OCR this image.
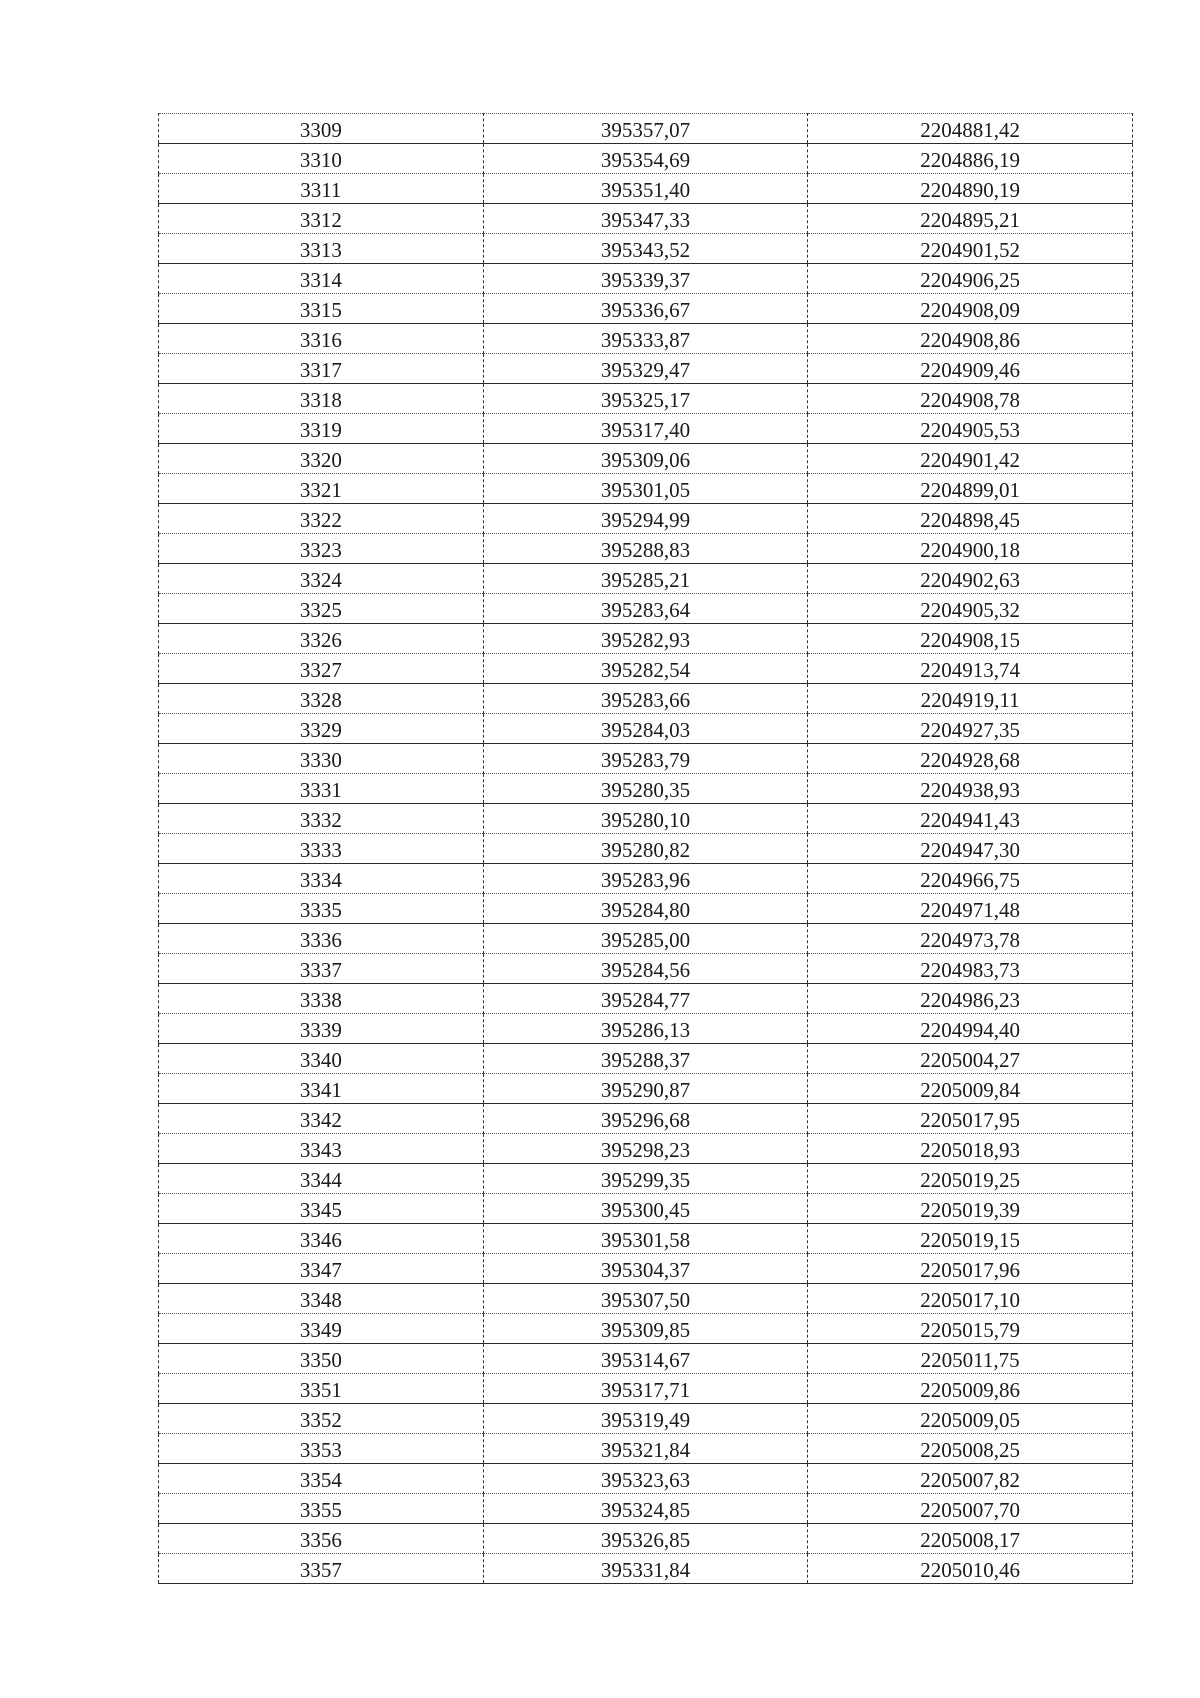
3309	395357,07	2204881,42
3310	395354,69	2204886,19
3311	395351,40	2204890,19
3312	395347,33	2204895,21
3313	395343,52	2204901,52
3314	395339,37	2204906,25
3315	395336,67	2204908,09
3316	395333,87	2204908,86
3317	395329,47	2204909,46
3318	395325,17	2204908,78
3319	395317,40	2204905,53
3320	395309,06	2204901,42
3321	395301,05	2204899,01
3322	395294,99	2204898,45
3323	395288,83	2204900,18
3324	395285,21	2204902,63
3325	395283,64	2204905,32
3326	395282,93	2204908,15
3327	395282,54	2204913,74
3328	395283,66	2204919,11
3329	395284,03	2204927,35
3330	395283,79	2204928,68
3331	395280,35	2204938,93
3332	395280,10	2204941,43
3333	395280,82	2204947,30
3334	395283,96	2204966,75
3335	395284,80	2204971,48
3336	395285,00	2204973,78
3337	395284,56	2204983,73
3338	395284,77	2204986,23
3339	395286,13	2204994,40
3340	395288,37	2205004,27
3341	395290,87	2205009,84
3342	395296,68	2205017,95
3343	395298,23	2205018,93
3344	395299,35	2205019,25
3345	395300,45	2205019,39
3346	395301,58	2205019,15
3347	395304,37	2205017,96
3348	395307,50	2205017,10
3349	395309,85	2205015,79
3350	395314,67	2205011,75
3351	395317,71	2205009,86
3352	395319,49	2205009,05
3353	395321,84	2205008,25
3354	395323,63	2205007,82
3355	395324,85	2205007,70
3356	395326,85	2205008,17
3357	395331,84	2205010,46
